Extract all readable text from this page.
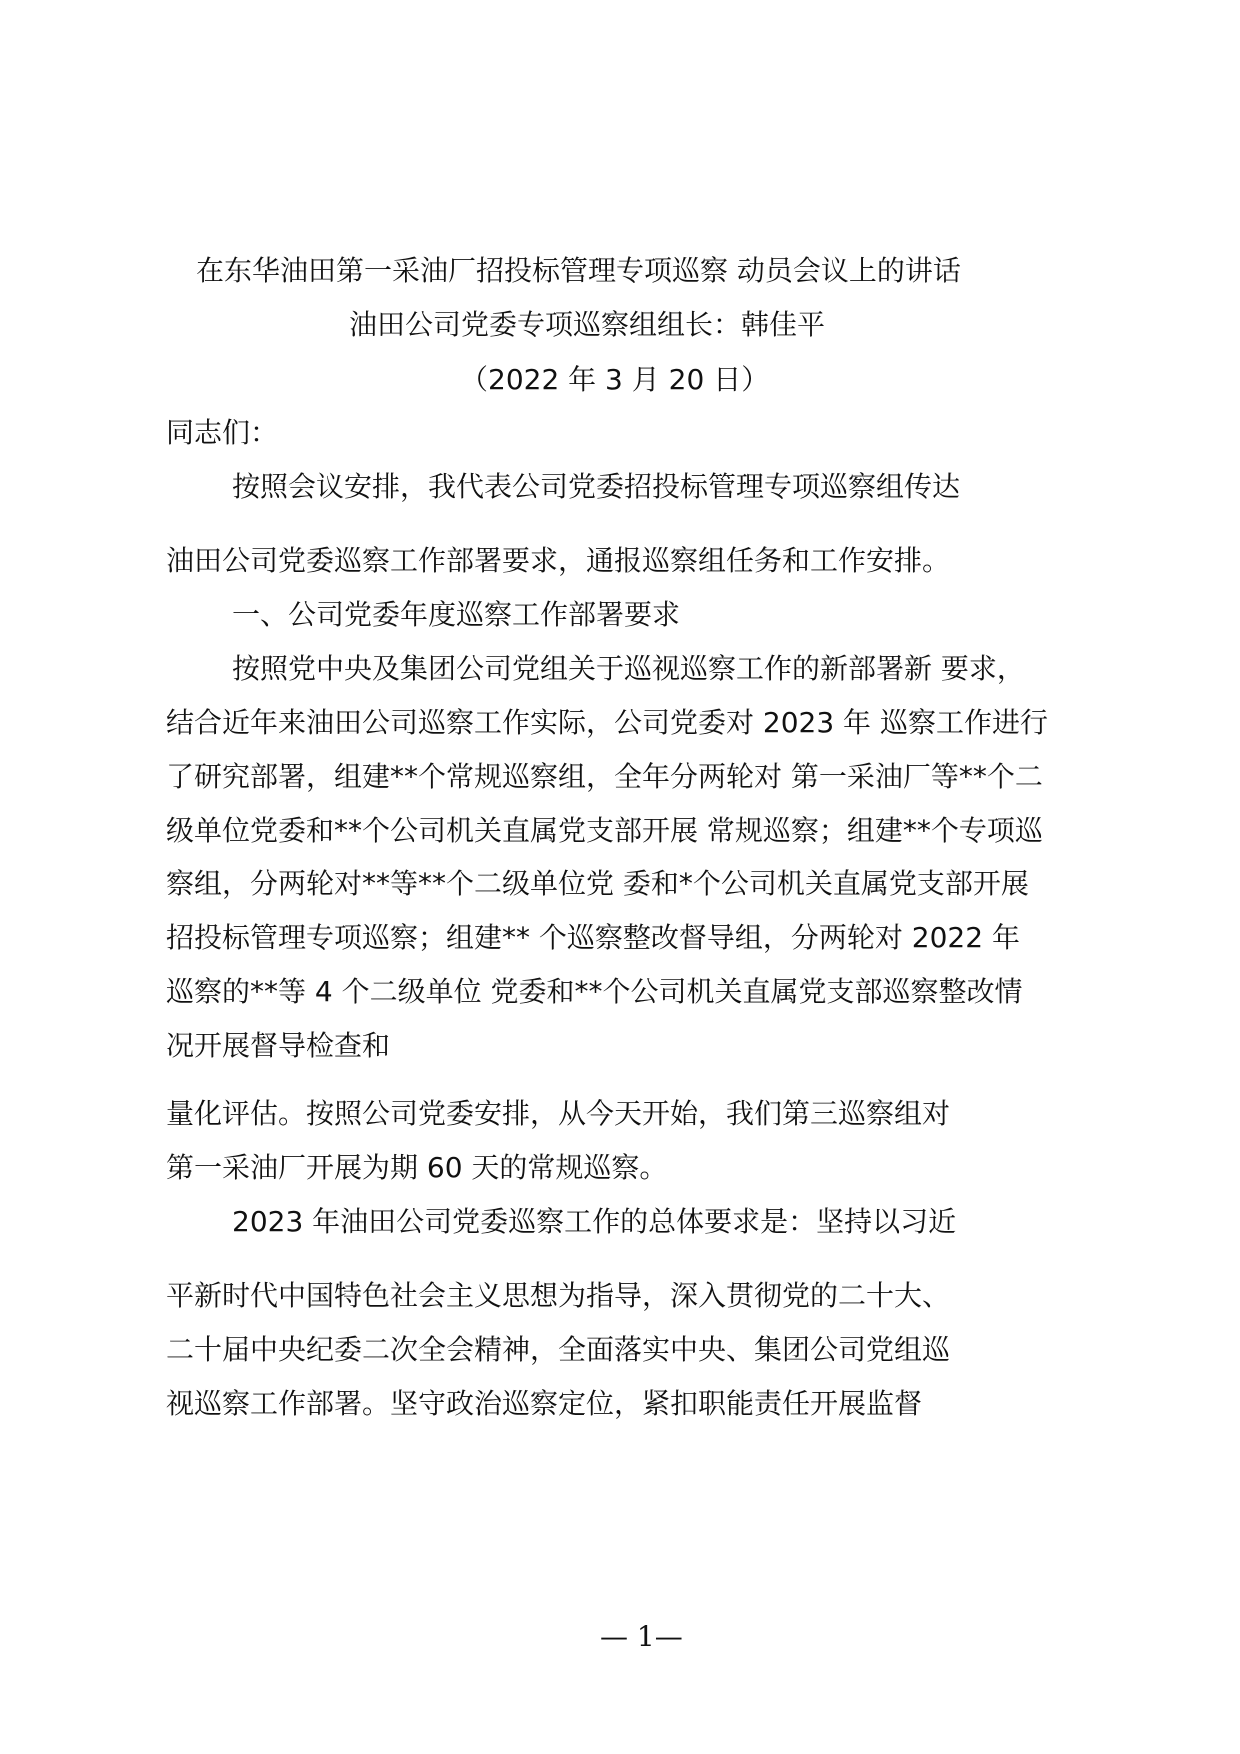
在东华油田第一采油厂招投标管理专项巡察 动员会议上的讲话
油田公司党委专项巡察组组长：韩佳平
（2022 年 3 月 20 日）
同志们：
按照会议安排，我代表公司党委招投标管理专项巡察组传达
油田公司党委巡察工作部署要求，通报巡察组任务和工作安排。
一、公司党委年度巡察工作部署要求
按照党中央及集团公司党组关于巡视巡察工作的新部署新 要求，
结合近年来油田公司巡察工作实际，公司党委对 2023 年 巡察工作进行
了研究部署，组建**个常规巡察组，全年分两轮对 第一采油厂等**个二
级单位党委和**个公司机关直属党支部开展 常规巡察；组建**个专项巡
察组，分两轮对**等**个二级单位党 委和*个公司机关直属党支部开展
招投标管理专项巡察；组建** 个巡察整改督导组，分两轮对 2022 年
巡察的**等 4 个二级单位 党委和**个公司机关直属党支部巡察整改情
况开展督导检查和
量化评估。按照公司党委安排，从今天开始，我们第三巡察组对
第一采油厂开展为期 60 天的常规巡察。
2023 年油田公司党委巡察工作的总体要求是：坚持以习近
平新时代中国特色社会主义思想为指导，深入贯彻党的二十大、
二十届中央纪委二次全会精神，全面落实中央、集团公司党组巡
视巡察工作部署。坚守政治巡察定位，紧扣职能责任开展监督
— 1—
